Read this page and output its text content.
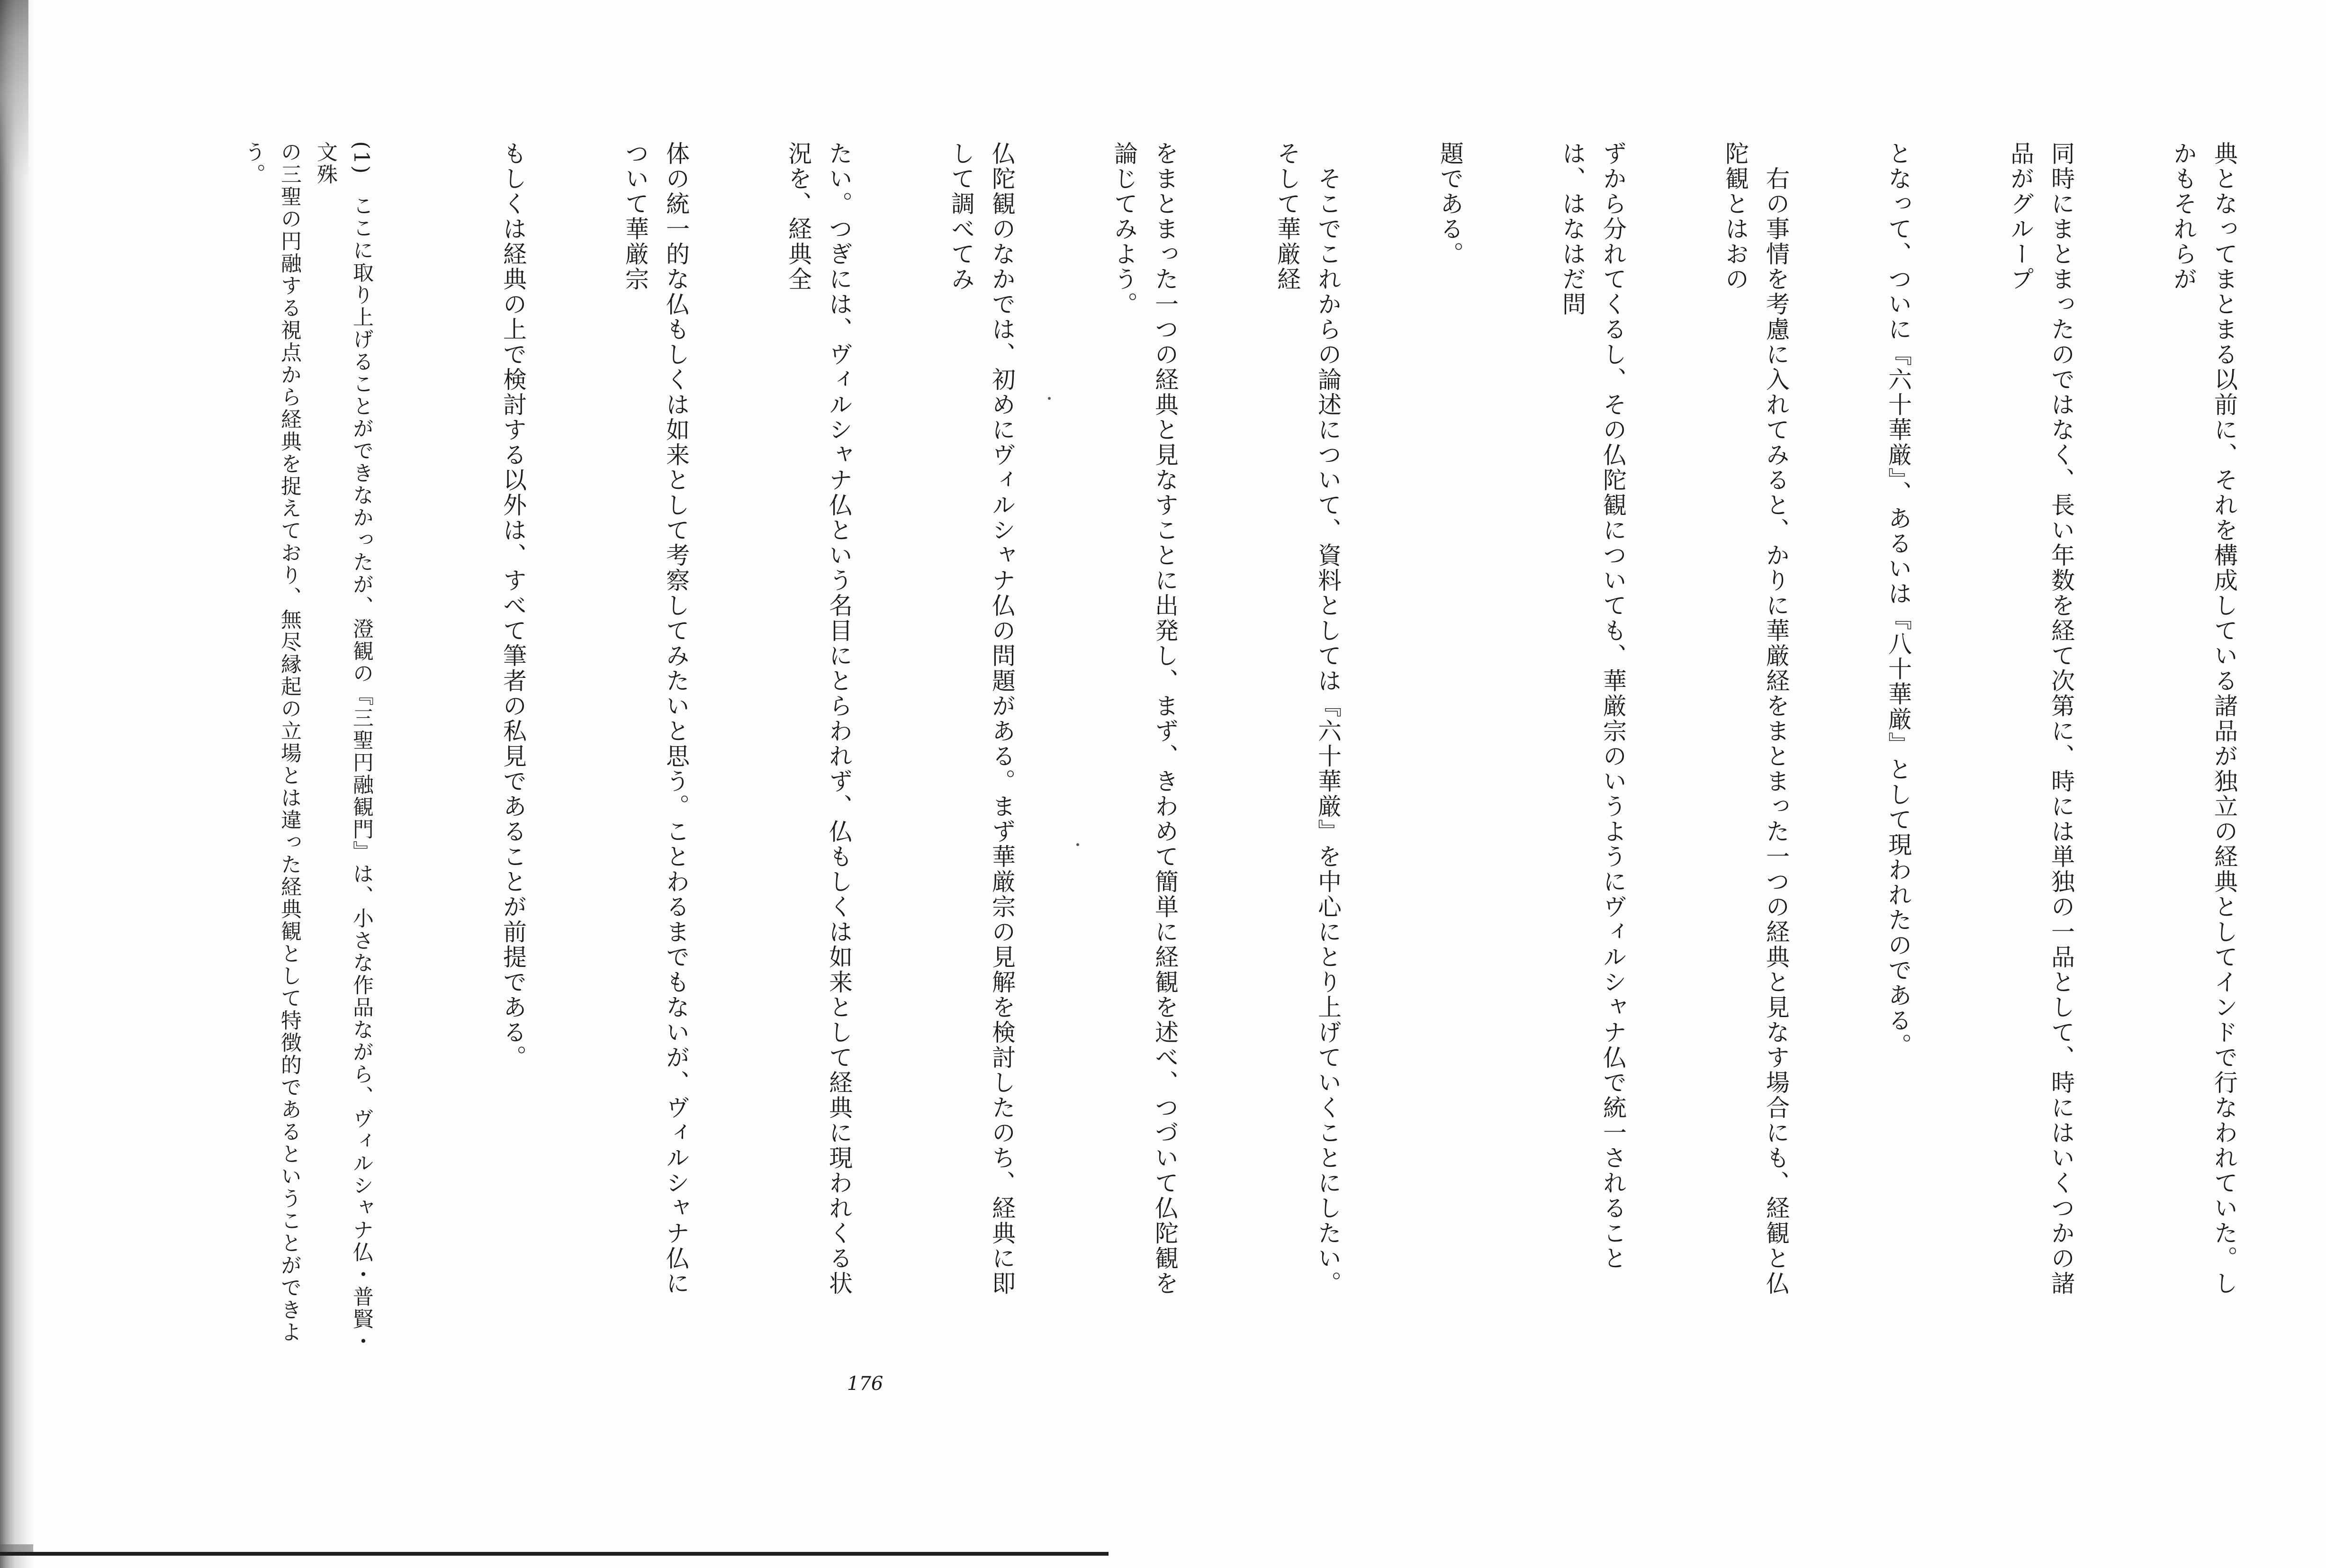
典となってまとまる以前に、それを構成している諸品が独立の経典としてインドで行なわれていた。しかもそれらが

同時にまとまったのではなく、長い年数を経て次第に、時には単独の一品として、時にはいくつかの諸品がグループ

となって、ついに『六十華厳』、あるいは『八十華厳』として現われたのである。

　右の事情を考慮に入れてみると、かりに華厳経をまとまった一つの経典と見なす場合にも、経観と仏陀観とはおの

ずから分れてくるし、その仏陀観についても、華厳宗のいうようにヴィルシャナ仏で統一されることは、はなはだ問

題である。

　そこでこれからの論述について、資料としては『六十華厳』を中心にとり上げていくことにしたい。そして華厳経

をまとまった一つの経典と見なすことに出発し、まず、きわめて簡単に経観を述べ、つづいて仏陀観を論じてみよう。

仏陀観のなかでは、初めにヴィルシャナ仏の問題がある。まず華厳宗の見解を検討したのち、経典に即して調べてみ

たい。つぎには、ヴィルシャナ仏という名目にとらわれず、仏もしくは如来として経典に現われくる状況を、経典全

体の統一的な仏もしくは如来として考察してみたいと思う。ことわるまでもないが、ヴィルシャナ仏について華厳宗

もしくは経典の上で検討する以外は、すべて筆者の私見であることが前提である。

(1)ここに取り上げることができなかったが、澄観の『三聖円融観門』は、小さな作品ながら、ヴィルシャナ仏・普賢・文殊

の三聖の円融する視点から経典を捉えており、無尽縁起の立場とは違った経典観として特徴的であるということができよう。

176
